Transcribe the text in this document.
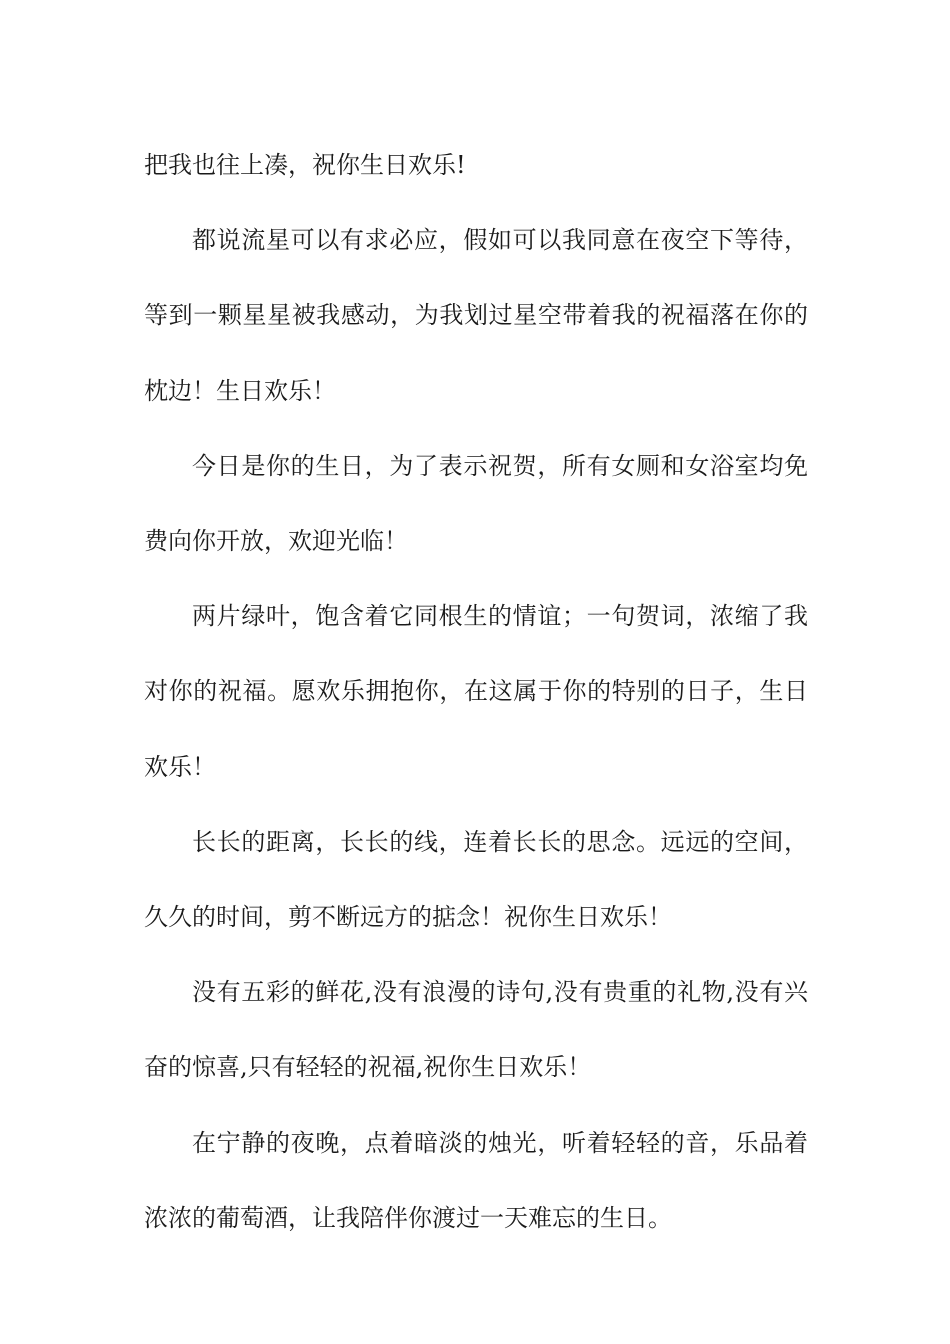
把我也往上凑，祝你生日欢乐!

都说流星可以有求必应，假如可以我同意在夜空下等待，等到一颗星星被我感动，为我划过星空带着我的祝福落在你的枕边！生日欢乐！

今日是你的生日，为了表示祝贺，所有女厕和女浴室均免费向你开放，欢迎光临！

两片绿叶，饱含着它同根生的情谊；一句贺词，浓缩了我对你的祝福。愿欢乐拥抱你，在这属于你的特别的日子，生日欢乐！

长长的距离，长长的线，连着长长的思念。远远的空间，久久的时间，剪不断远方的掂念！祝你生日欢乐！

没有五彩的鲜花,没有浪漫的诗句,没有贵重的礼物,没有兴奋的惊喜,只有轻轻的祝福,祝你生日欢乐！

在宁静的夜晚，点着暗淡的烛光，听着轻轻的音，乐品着浓浓的葡萄酒，让我陪伴你渡过一天难忘的生日。
